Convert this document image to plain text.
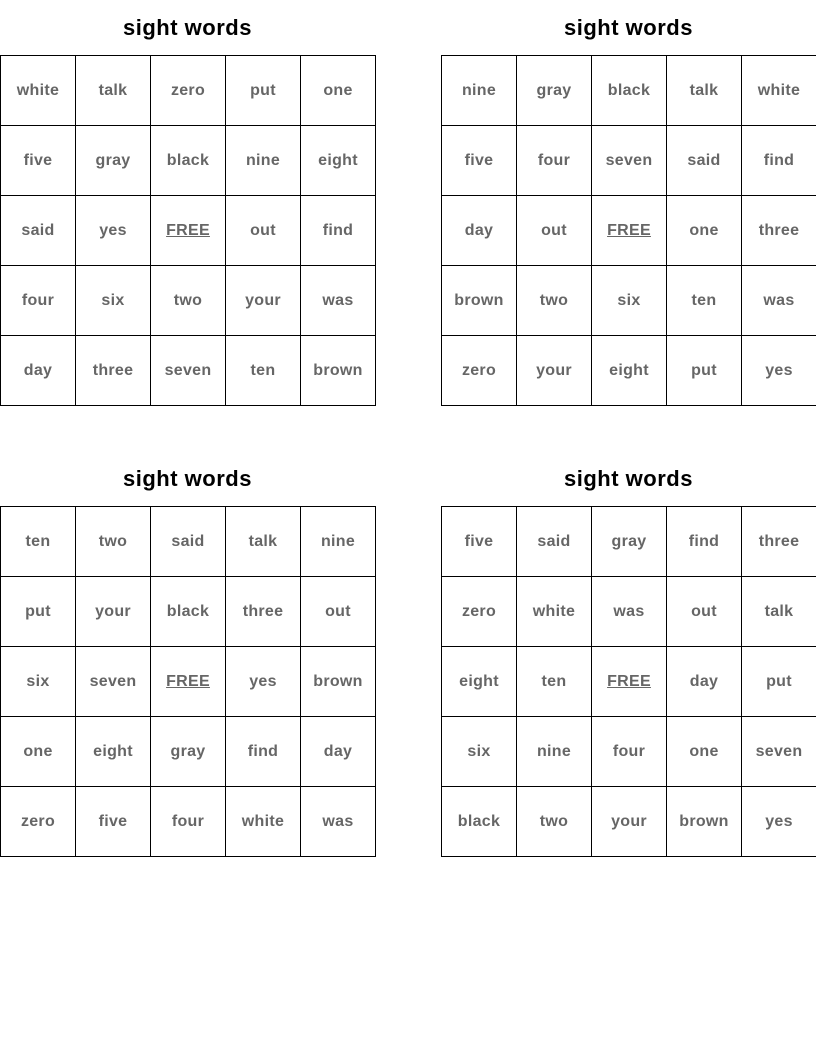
sight words
white	talk	zero	put	one
five	gray	black	nine	eight
said	yes	FREE	out	find
four	six	two	your	was
day	three	seven	ten	brown
sight words
nine	gray	black	talk	white
five	four	seven	said	find
day	out	FREE	one	three
brown	two	six	ten	was
zero	your	eight	put	yes
sight words
ten	two	said	talk	nine
put	your	black	three	out
six	seven	FREE	yes	brown
one	eight	gray	find	day
zero	five	four	white	was
sight words
five	said	gray	find	three
zero	white	was	out	talk
eight	ten	FREE	day	put
six	nine	four	one	seven
black	two	your	brown	yes
